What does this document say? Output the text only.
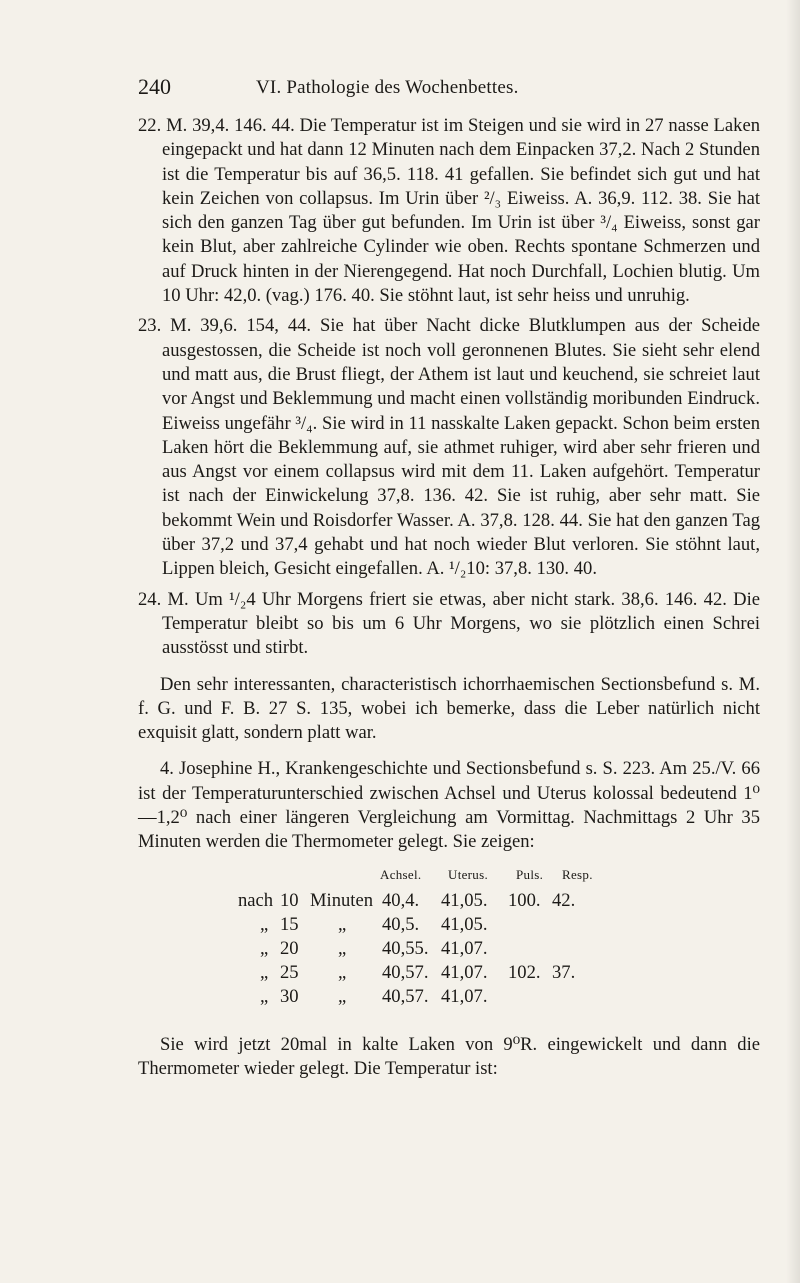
240	VI. Pathologie des Wochenbettes.

22. M. 39,4. 146. 44. Die Temperatur ist im Steigen und sie wird in 27 nasse Laken eingepackt und hat dann 12 Minuten nach dem Einpacken 37,2. Nach 2 Stunden ist die Temperatur bis auf 36,5. 118. 41 gefallen. Sie befindet sich gut und hat kein Zeichen von collapsus. Im Urin über ²/₃ Eiweiss. A. 36,9. 112. 38. Sie hat sich den ganzen Tag über gut befunden. Im Urin ist über ³/₄ Eiweiss, sonst gar kein Blut, aber zahlreiche Cylinder wie oben. Rechts spontane Schmerzen und auf Druck hinten in der Nierengegend. Hat noch Durchfall, Lochien blutig. Um 10 Uhr: 42,0. (vag.) 176. 40. Sie stöhnt laut, ist sehr heiss und unruhig.

23. M. 39,6. 154, 44. Sie hat über Nacht dicke Blutklumpen aus der Scheide ausgestossen, die Scheide ist noch voll geronnenen Blutes. Sie sieht sehr elend und matt aus, die Brust fliegt, der Athem ist laut und keuchend, sie schreiet laut vor Angst und Beklemmung und macht einen vollständig moribunden Eindruck. Eiweiss ungefähr ³/₄. Sie wird in 11 nasskalte Laken gepackt. Schon beim ersten Laken hört die Beklemmung auf, sie athmet ruhiger, wird aber sehr frieren und aus Angst vor einem collapsus wird mit dem 11. Laken aufgehört. Temperatur ist nach der Einwickelung 37,8. 136. 42. Sie ist ruhig, aber sehr matt. Sie bekommt Wein und Roisdorfer Wasser. A. 37,8. 128. 44. Sie hat den ganzen Tag über 37,2 und 37,4 gehabt und hat noch wieder Blut verloren. Sie stöhnt laut, Lippen bleich, Gesicht eingefallen. A. ¹/₂10: 37,8. 130. 40.

24. M. Um ¹/₂4 Uhr Morgens friert sie etwas, aber nicht stark. 38,6. 146. 42. Die Temperatur bleibt so bis um 6 Uhr Morgens, wo sie plötzlich einen Schrei ausstösst und stirbt.

Den sehr interessanten, characteristisch ichorrhaemischen Sectionsbefund s. M. f. G. und F. B. 27 S. 135, wobei ich bemerke, dass die Leber natürlich nicht exquisit glatt, sondern platt war.

4. Josephine H., Krankengeschichte und Sectionsbefund s. S. 223. Am 25./V. 66 ist der Temperaturunterschied zwischen Achsel und Uterus kolossal bedeutend 1⁰—1,2⁰ nach einer längeren Vergleichung am Vormittag. Nachmittags 2 Uhr 35 Minuten werden die Thermometer gelegt. Sie zeigen:

Achsel. Uterus. Puls. Resp.
nach 10 Minuten 40,4. 41,05. 100. 42.
„ 15 „ 40,5. 41,05.
„ 20 „ 40,55. 41,07.
„ 25 „ 40,57. 41,07. 102. 37.
„ 30 „ 40,57. 41,07.

Sie wird jetzt 20mal in kalte Laken von 9⁰R. eingewickelt und dann die Thermometer wieder gelegt. Die Temperatur ist:
